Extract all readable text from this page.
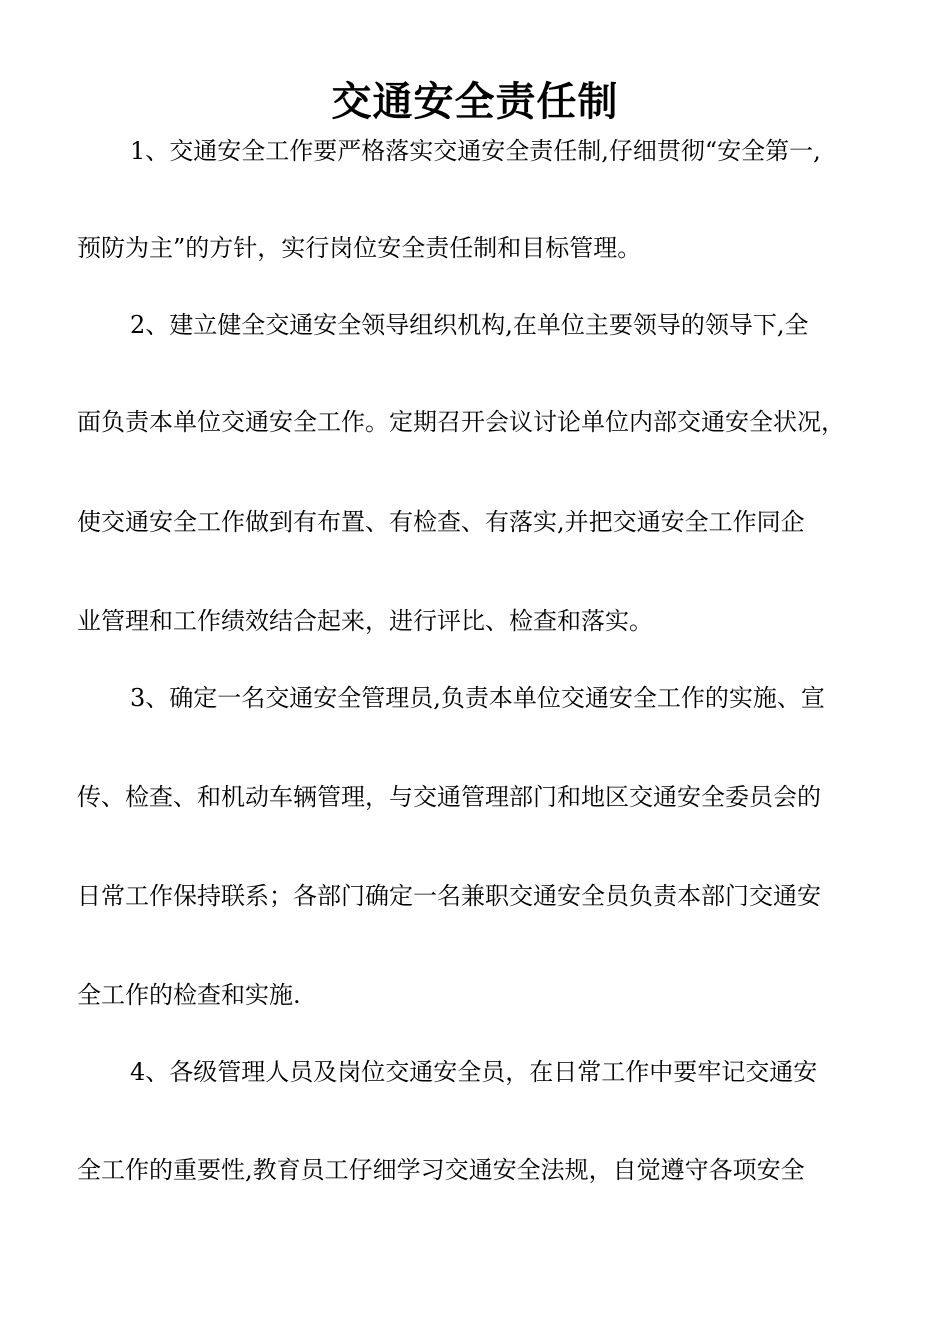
交通安全责任制

1、交通安全工作要严格落实交通安全责任制,仔细贯彻“安全第一,

预防为主”的方针，实行岗位安全责任制和目标管理。

2、建立健全交通安全领导组织机构,在单位主要领导的领导下,全

面负责本单位交通安全工作。定期召开会议讨论单位内部交通安全状况，

使交通安全工作做到有布置、有检查、有落实,并把交通安全工作同企

业管理和工作绩效结合起来，进行评比、检查和落实。

3、确定一名交通安全管理员,负责本单位交通安全工作的实施、宣

传、检查、和机动车辆管理，与交通管理部门和地区交通安全委员会的

日常工作保持联系；各部门确定一名兼职交通安全员负责本部门交通安

全工作的检查和实施.

4、各级管理人员及岗位交通安全员，在日常工作中要牢记交通安

全工作的重要性,教育员工仔细学习交通安全法规，自觉遵守各项安全
